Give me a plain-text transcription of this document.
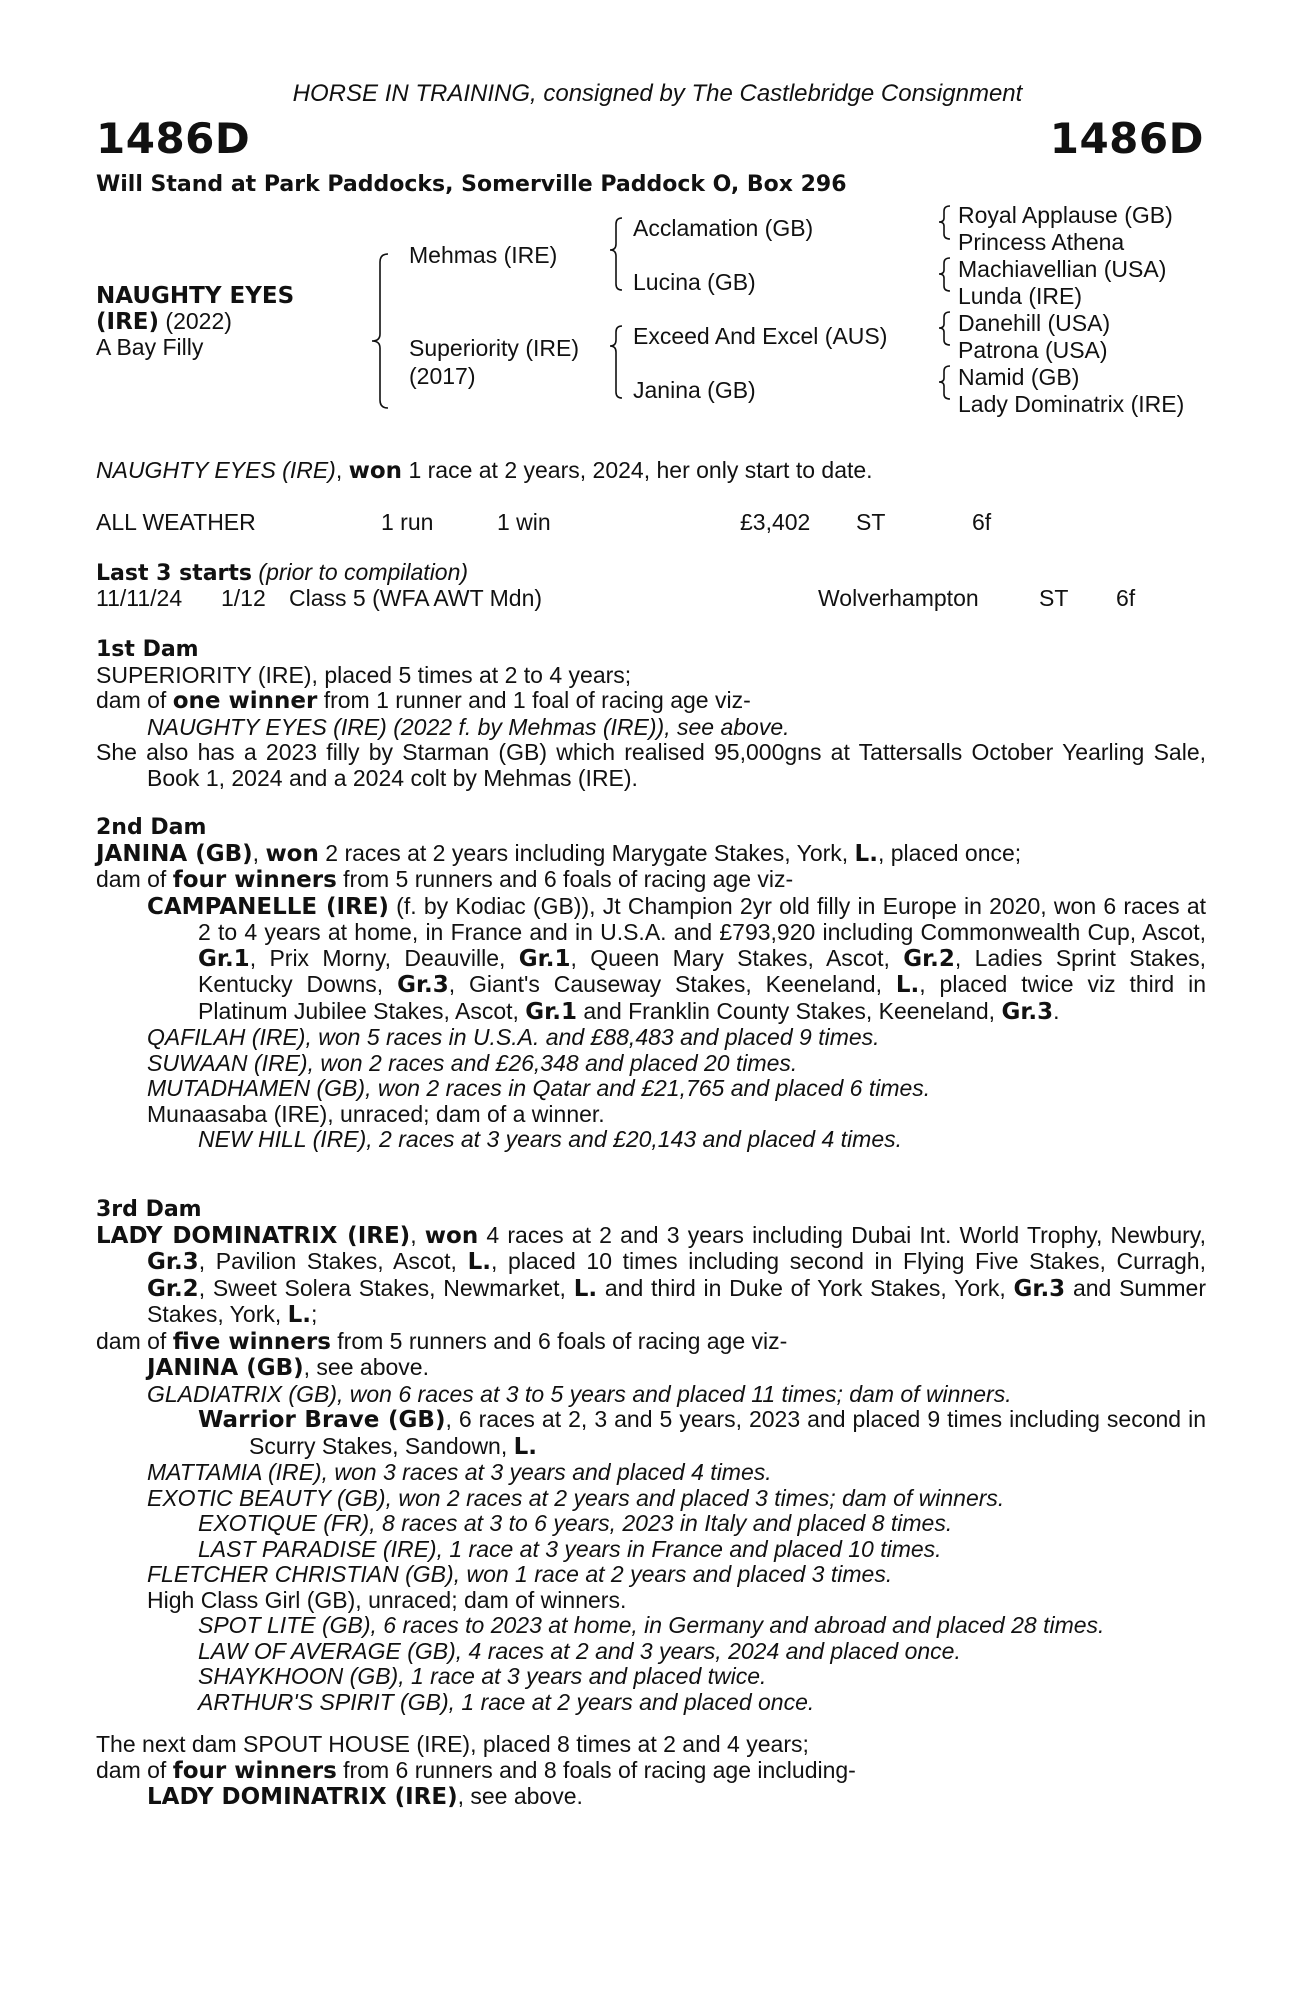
HORSE IN TRAINING, consigned by The Castlebridge Consignment
1486D	1486D
Will Stand at Park Paddocks, Somerville Paddock O, Box 296
NAUGHTY EYES
(IRE) (2022)
A Bay Filly
Mehmas (IRE)
Superiority (IRE)
(2017)
Acclamation (GB)
Lucina (GB)
Exceed And Excel (AUS)
Janina (GB)
Royal Applause (GB)
Princess Athena
Machiavellian (USA)
Lunda (IRE)
Danehill (USA)
Patrona (USA)
Namid (GB)
Lady Dominatrix (IRE)
NAUGHTY EYES (IRE), won 1 race at 2 years, 2024, her only start to date.
ALL WEATHER	1 run	1 win	£3,402 ST	6f
Last 3 starts (prior to compilation)
11/11/24 1/12 Class 5 (WFA AWT Mdn)	Wolverhampton	ST 6f

1st Dam

SUPERIORITY (IRE), placed 5 times at 2 to 4 years;

dam of one winner from 1 runner and 1 foal of racing age viz-

NAUGHTY EYES (IRE) (2022 f. by Mehmas (IRE)), see above.

She also has a 2023 filly by Starman (GB) which realised 95,000gns at Tattersalls October Yearling Sale, Book 1, 2024 and a 2024 colt by Mehmas (IRE).

2nd Dam

JANINA (GB), won 2 races at 2 years including Marygate Stakes, York, L., placed once;

dam of four winners from 5 runners and 6 foals of racing age viz-

CAMPANELLE (IRE) (f. by Kodiac (GB)), Jt Champion 2yr old filly in Europe in 2020, won 6 races at 2 to 4 years at home, in France and in U.S.A. and £793,920 including Commonwealth Cup, Ascot, Gr.1, Prix Morny, Deauville, Gr.1, Queen Mary Stakes, Ascot, Gr.2, Ladies Sprint Stakes, Kentucky Downs, Gr.3, Giant's Causeway Stakes, Keeneland, L., placed twice viz third in Platinum Jubilee Stakes, Ascot, Gr.1 and Franklin County Stakes, Keeneland, Gr.3.

QAFILAH (IRE), won 5 races in U.S.A. and £88,483 and placed 9 times.

SUWAAN (IRE), won 2 races and £26,348 and placed 20 times.

MUTADHAMEN (GB), won 2 races in Qatar and £21,765 and placed 6 times.

Munaasaba (IRE), unraced; dam of a winner.

NEW HILL (IRE), 2 races at 3 years and £20,143 and placed 4 times.

3rd Dam

LADY DOMINATRIX (IRE), won 4 races at 2 and 3 years including Dubai Int. World Trophy, Newbury, Gr.3, Pavilion Stakes, Ascot, L., placed 10 times including second in Flying Five Stakes, Curragh, Gr.2, Sweet Solera Stakes, Newmarket, L. and third in Duke of York Stakes, York, Gr.3 and Summer Stakes, York, L.;

dam of five winners from 5 runners and 6 foals of racing age viz-

JANINA (GB), see above.

GLADIATRIX (GB), won 6 races at 3 to 5 years and placed 11 times; dam of winners.

Warrior Brave (GB), 6 races at 2, 3 and 5 years, 2023 and placed 9 times including second in Scurry Stakes, Sandown, L.

MATTAMIA (IRE), won 3 races at 3 years and placed 4 times.

EXOTIC BEAUTY (GB), won 2 races at 2 years and placed 3 times; dam of winners.

EXOTIQUE (FR), 8 races at 3 to 6 years, 2023 in Italy and placed 8 times.

LAST PARADISE (IRE), 1 race at 3 years in France and placed 10 times.

FLETCHER CHRISTIAN (GB), won 1 race at 2 years and placed 3 times.

High Class Girl (GB), unraced; dam of winners.

SPOT LITE (GB), 6 races to 2023 at home, in Germany and abroad and placed 28 times.

LAW OF AVERAGE (GB), 4 races at 2 and 3 years, 2024 and placed once.

SHAYKHOON (GB), 1 race at 3 years and placed twice.

ARTHUR'S SPIRIT (GB), 1 race at 2 years and placed once.

The next dam SPOUT HOUSE (IRE), placed 8 times at 2 and 4 years;

dam of four winners from 6 runners and 8 foals of racing age including-

LADY DOMINATRIX (IRE), see above.
